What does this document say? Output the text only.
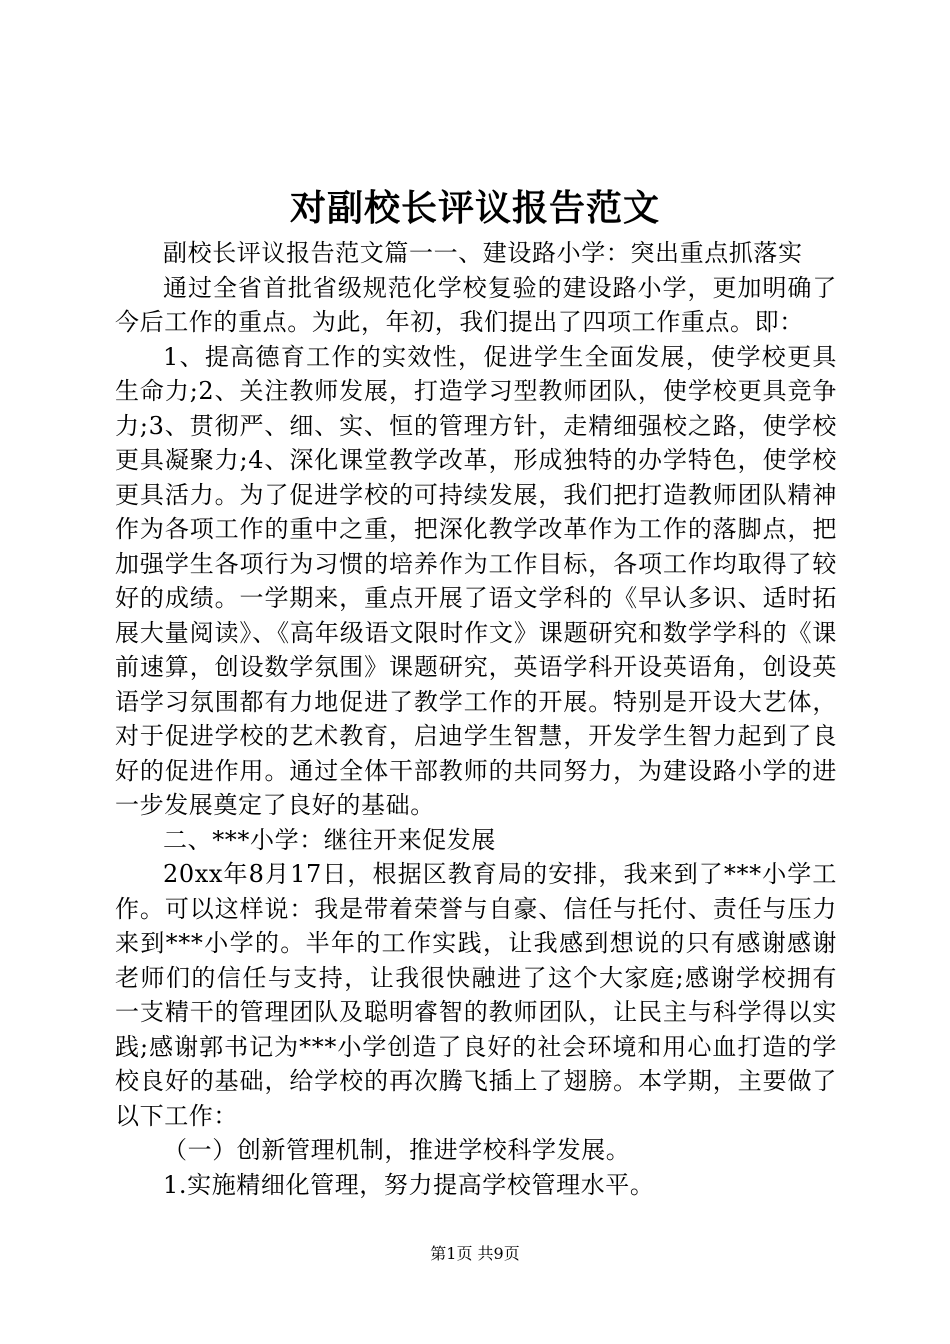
对副校长评议报告范文

副校长评议报告范文篇一一、建设路小学：突出重点抓落实

通过全省首批省级规范化学校复验的建设路小学，更加明确了今后工作的重点。为此，年初，我们提出了四项工作重点。即：

1、提高德育工作的实效性，促进学生全面发展，使学校更具生命力;2、关注教师发展，打造学习型教师团队，使学校更具竞争力;3、贯彻严、细、实、恒的管理方针，走精细强校之路，使学校更具凝聚力;4、深化课堂教学改革，形成独特的办学特色，使学校更具活力。为了促进学校的可持续发展，我们把打造教师团队精神作为各项工作的重中之重，把深化教学改革作为工作的落脚点，把加强学生各项行为习惯的培养作为工作目标，各项工作均取得了较好的成绩。一学期来，重点开展了语文学科的《早认多识、适时拓展大量阅读》、《高年级语文限时作文》课题研究和数学学科的《课前速算，创设数学氛围》课题研究，英语学科开设英语角，创设英语学习氛围都有力地促进了教学工作的开展。特别是开设大艺体，对于促进学校的艺术教育，启迪学生智慧，开发学生智力起到了良好的促进作用。通过全体干部教师的共同努力，为建设路小学的进一步发展奠定了良好的基础。

二、***小学：继往开来促发展

20xx年8月17日，根据区教育局的安排，我来到了***小学工作。可以这样说：我是带着荣誉与自豪、信任与托付、责任与压力来到***小学的。半年的工作实践，让我感到想说的只有感谢感谢老师们的信任与支持，让我很快融进了这个大家庭;感谢学校拥有一支精干的管理团队及聪明睿智的教师团队，让民主与科学得以实践;感谢郭书记为***小学创造了良好的社会环境和用心血打造的学校良好的基础，给学校的再次腾飞插上了翅膀。本学期，主要做了以下工作：

（一）创新管理机制，推进学校科学发展。

1.实施精细化管理，努力提高学校管理水平。

第1页 共9页
